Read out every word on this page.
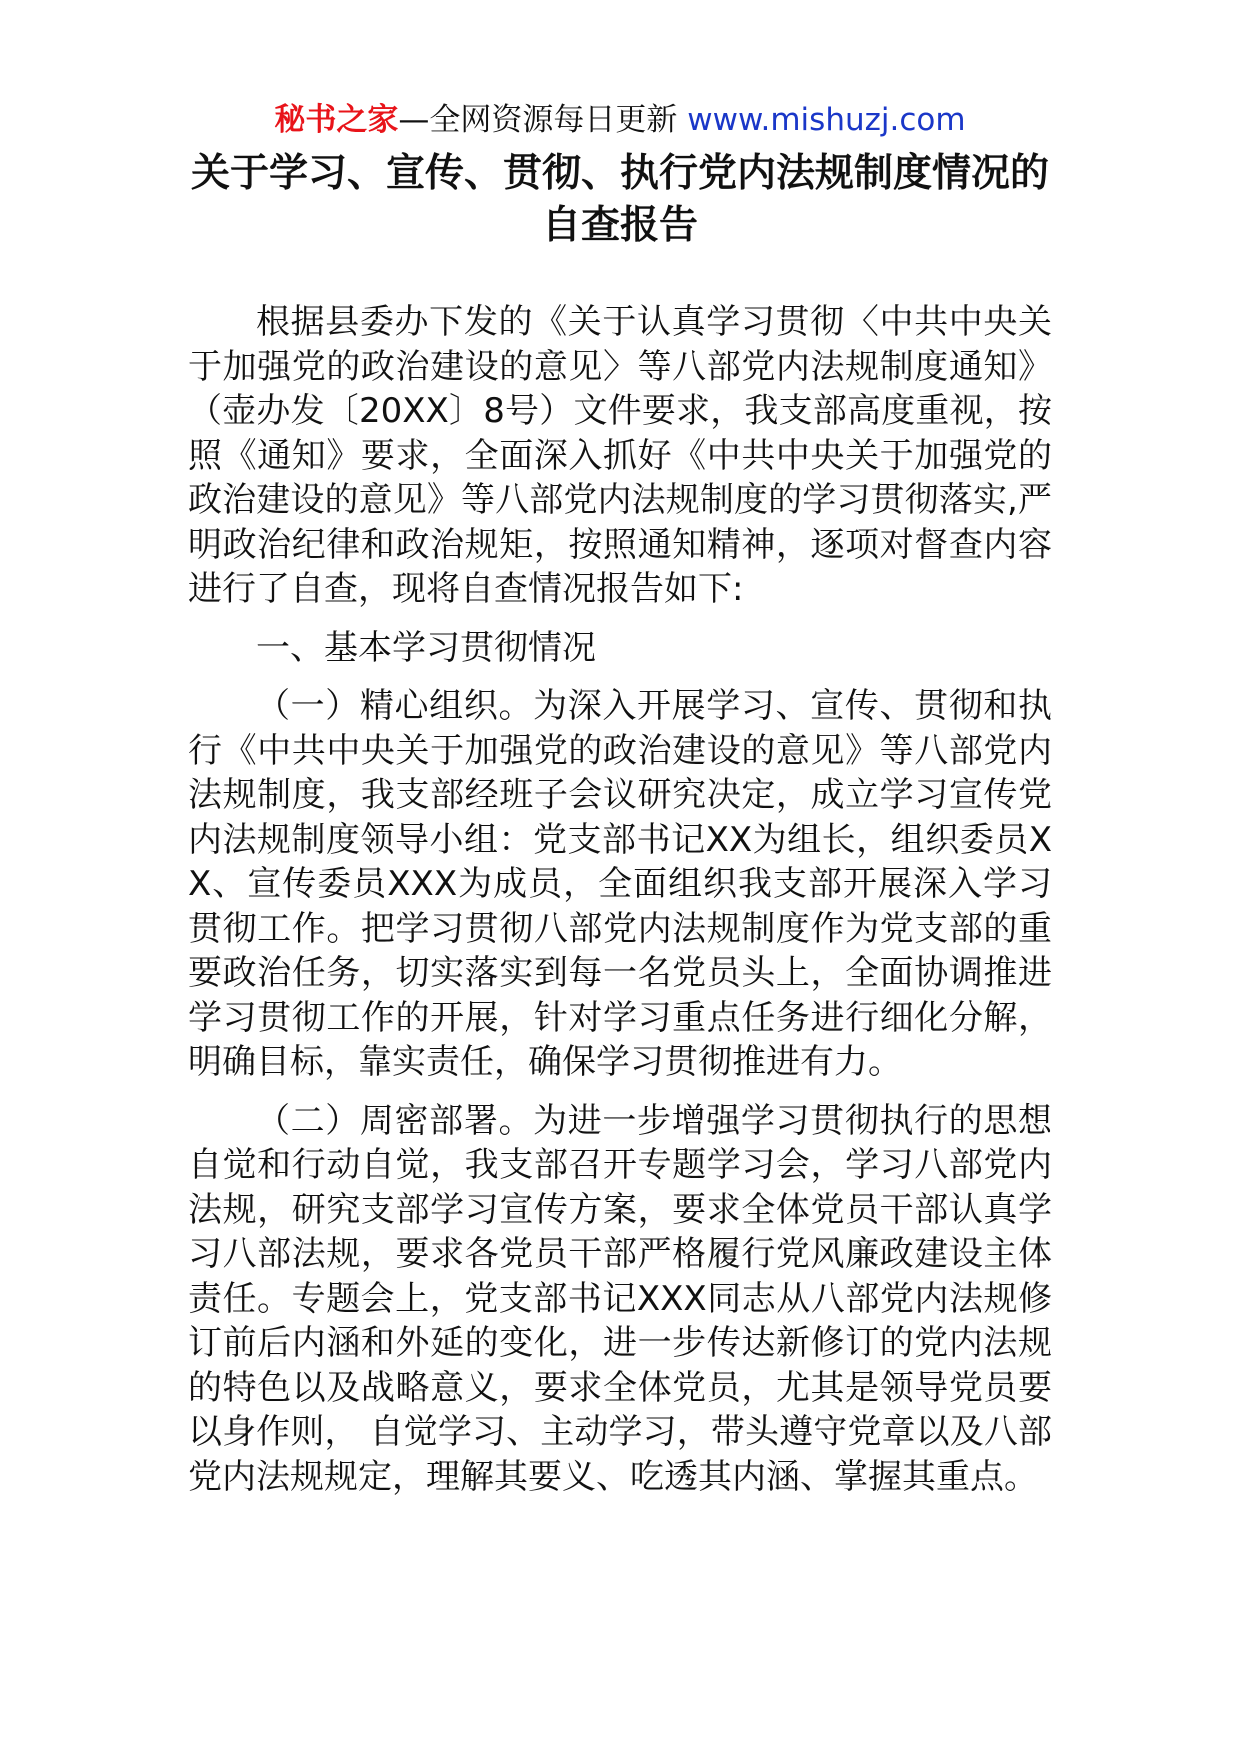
秘书之家—全网资源每日更新 www.mishuzj.com
关于学习、宣传、贯彻、执行党内法规制度情况的自查报告

根据县委办下发的《关于认真学习贯彻〈中共中央关于加强党的政治建设的意见〉等八部党内法规制度通知》（壶办发〔20XX〕8号）文件要求，我支部高度重视，按照《通知》要求，全面深入抓好《中共中央关于加强党的政治建设的意见》等八部党内法规制度的学习贯彻落实,严明政治纪律和政治规矩，按照通知精神，逐项对督查内容进行了自查，现将自查情况报告如下:

一、基本学习贯彻情况

（一）精心组织。为深入开展学习、宣传、贯彻和执行《中共中央关于加强党的政治建设的意见》等八部党内法规制度，我支部经班子会议研究决定，成立学习宣传党内法规制度领导小组：党支部书记XX为组长，组织委员XX、宣传委员XXX为成员，全面组织我支部开展深入学习贯彻工作。把学习贯彻八部党内法规制度作为党支部的重要政治任务，切实落实到每一名党员头上，全面协调推进学习贯彻工作的开展，针对学习重点任务进行细化分解，明确目标，靠实责任，确保学习贯彻推进有力。

（二）周密部署。为进一步增强学习贯彻执行的思想自觉和行动自觉，我支部召开专题学习会，学习八部党内法规，研究支部学习宣传方案，要求全体党员干部认真学习八部法规，要求各党员干部严格履行党风廉政建设主体责任。专题会上，党支部书记XXX同志从八部党内法规修订前后内涵和外延的变化，进一步传达新修订的党内法规的特色以及战略意义，要求全体党员，尤其是领导党员要以身作则， 自觉学习、主动学习，带头遵守党章以及八部党内法规规定，理解其要义、吃透其内涵、掌握其重点。
